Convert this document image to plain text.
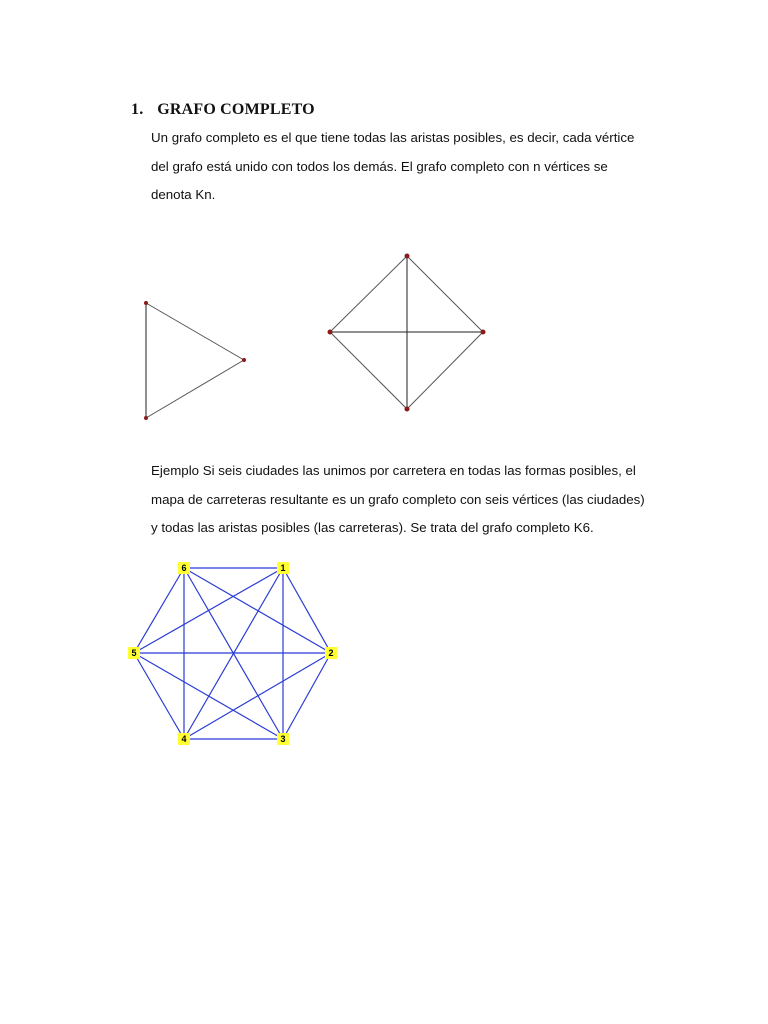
1. GRAFO COMPLETO
Un grafo completo es el que tiene todas las aristas posibles, es decir, cada vértice
del grafo está unido con todos los demás. El grafo completo con n vértices se
denota Kn.
Ejemplo Si seis ciudades las unimos por carretera en todas las formas posibles, el
mapa de carreteras resultante es un grafo completo con seis vértices (las ciudades)
y todas las aristas posibles (las carreteras). Se trata del grafo completo K6.
1
2
3
4
5
6
